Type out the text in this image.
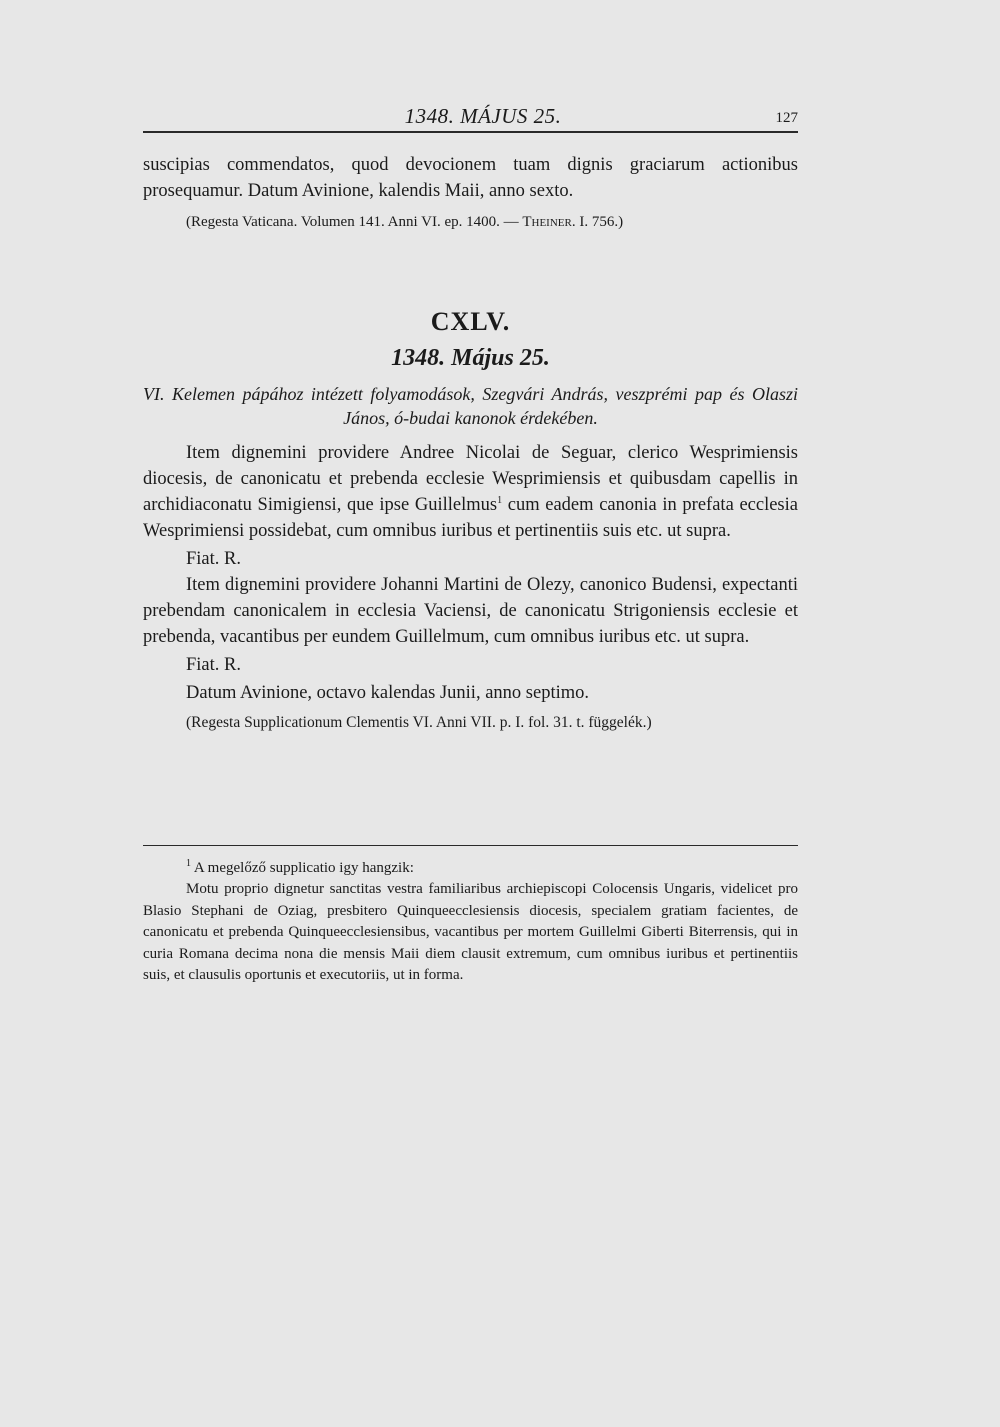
1348. MÁJUS 25.	127

suscipias commendatos, quod devocionem tuam dignis graciarum actionibus prosequamur. Datum Avinione, kalendis Maii, anno sexto.

(Regesta Vaticana. Volumen 141. Anni VI. ep. 1400. — Theiner. I. 756.)

CXLV.
1348. Május 25.

VI. Kelemen pápához intézett folyamodások, Szegvári András, veszprémi pap és Olaszi János, ó-budai kanonok érdekében.

Item dignemini providere Andree Nicolai de Seguar, clerico Wesprimiensis diocesis, de canonicatu et prebenda ecclesie Wesprimiensis et quibusdam capellis in archidiaconatu Simigiensi, que ipse Guillelmus$^1$ cum eadem canonia in prefata ecclesia Wesprimiensi possidebat, cum omnibus iuribus et pertinentiis suis etc. ut supra.

Fiat. R.

Item dignemini providere Johanni Martini de Olezy, canonico Budensi, expectanti prebendam canonicalem in ecclesia Vaciensi, de canonicatu Strigoniensis ecclesie et prebenda, vacantibus per eundem Guillelmum, cum omnibus iuribus etc. ut supra.

Fiat. R.

Datum Avinione, octavo kalendas Junii, anno septimo.

(Regesta Supplicationum Clementis VI. Anni VII. p. I. fol. 31. t. függelék.)

$^1$ A megelőző supplicatio igy hangzik:

Motu proprio dignetur sanctitas vestra familiaribus archiepiscopi Colocensis Ungaris, videlicet pro Blasio Stephani de Oziag, presbitero Quinqueecclesiensis diocesis, specialem gratiam facientes, de canonicatu et prebenda Quinqueecclesiensibus, vacantibus per mortem Guillelmi Giberti Biterrensis, qui in curia Romana decima nona die mensis Maii diem clausit extremum, cum omnibus iuribus et pertinentiis suis, et clausulis oportunis et executoriis, ut in forma.
